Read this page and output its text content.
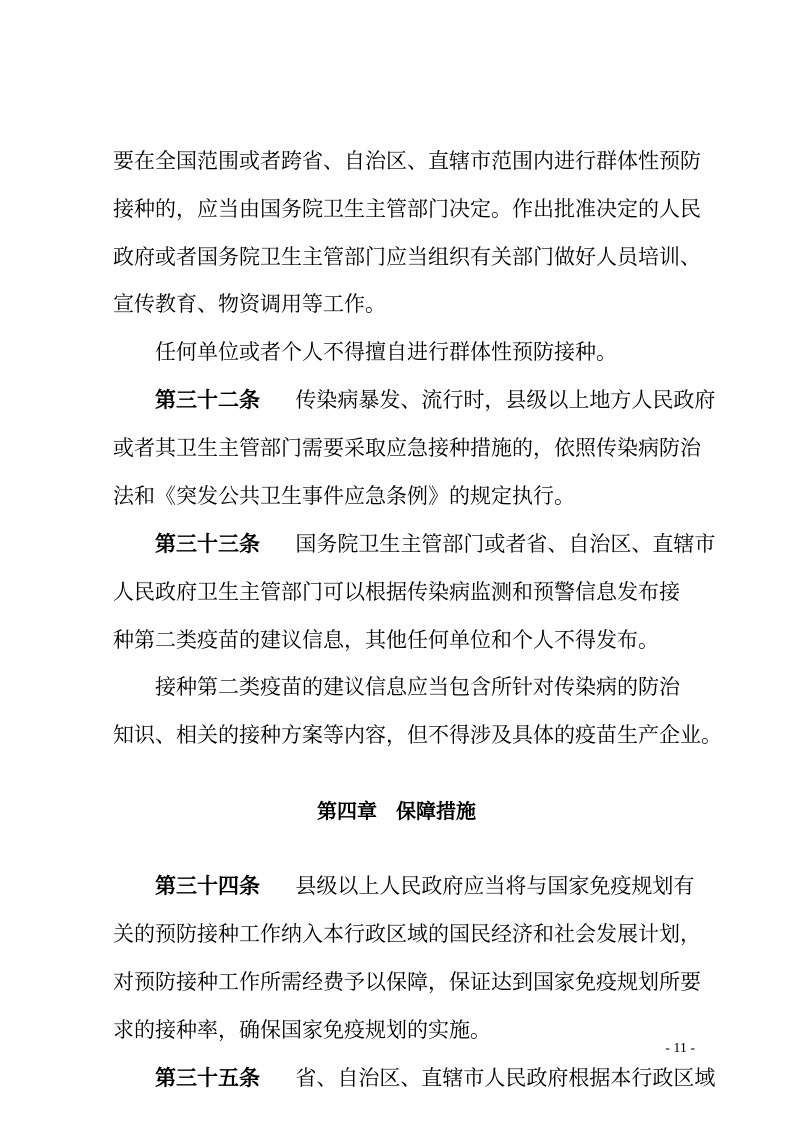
要在全国范围或者跨省、自治区、直辖市范围内进行群体性预防
接种的，应当由国务院卫生主管部门决定。作出批准决定的人民
政府或者国务院卫生主管部门应当组织有关部门做好人员培训、
宣传教育、物资调用等工作。
任何单位或者个人不得擅自进行群体性预防接种。
第三十二条 传染病暴发、流行时，县级以上地方人民政府
或者其卫生主管部门需要采取应急接种措施的，依照传染病防治
法和《突发公共卫生事件应急条例》的规定执行。
第三十三条 国务院卫生主管部门或者省、自治区、直辖市
人民政府卫生主管部门可以根据传染病监测和预警信息发布接
种第二类疫苗的建议信息，其他任何单位和个人不得发布。
接种第二类疫苗的建议信息应当包含所针对传染病的防治
知识、相关的接种方案等内容，但不得涉及具体的疫苗生产企业。
第四章 保障措施
第三十四条 县级以上人民政府应当将与国家免疫规划有
关的预防接种工作纳入本行政区域的国民经济和社会发展计划，
对预防接种工作所需经费予以保障，保证达到国家免疫规划所要
求的接种率，确保国家免疫规划的实施。
第三十五条 省、自治区、直辖市人民政府根据本行政区域
- 11 -
